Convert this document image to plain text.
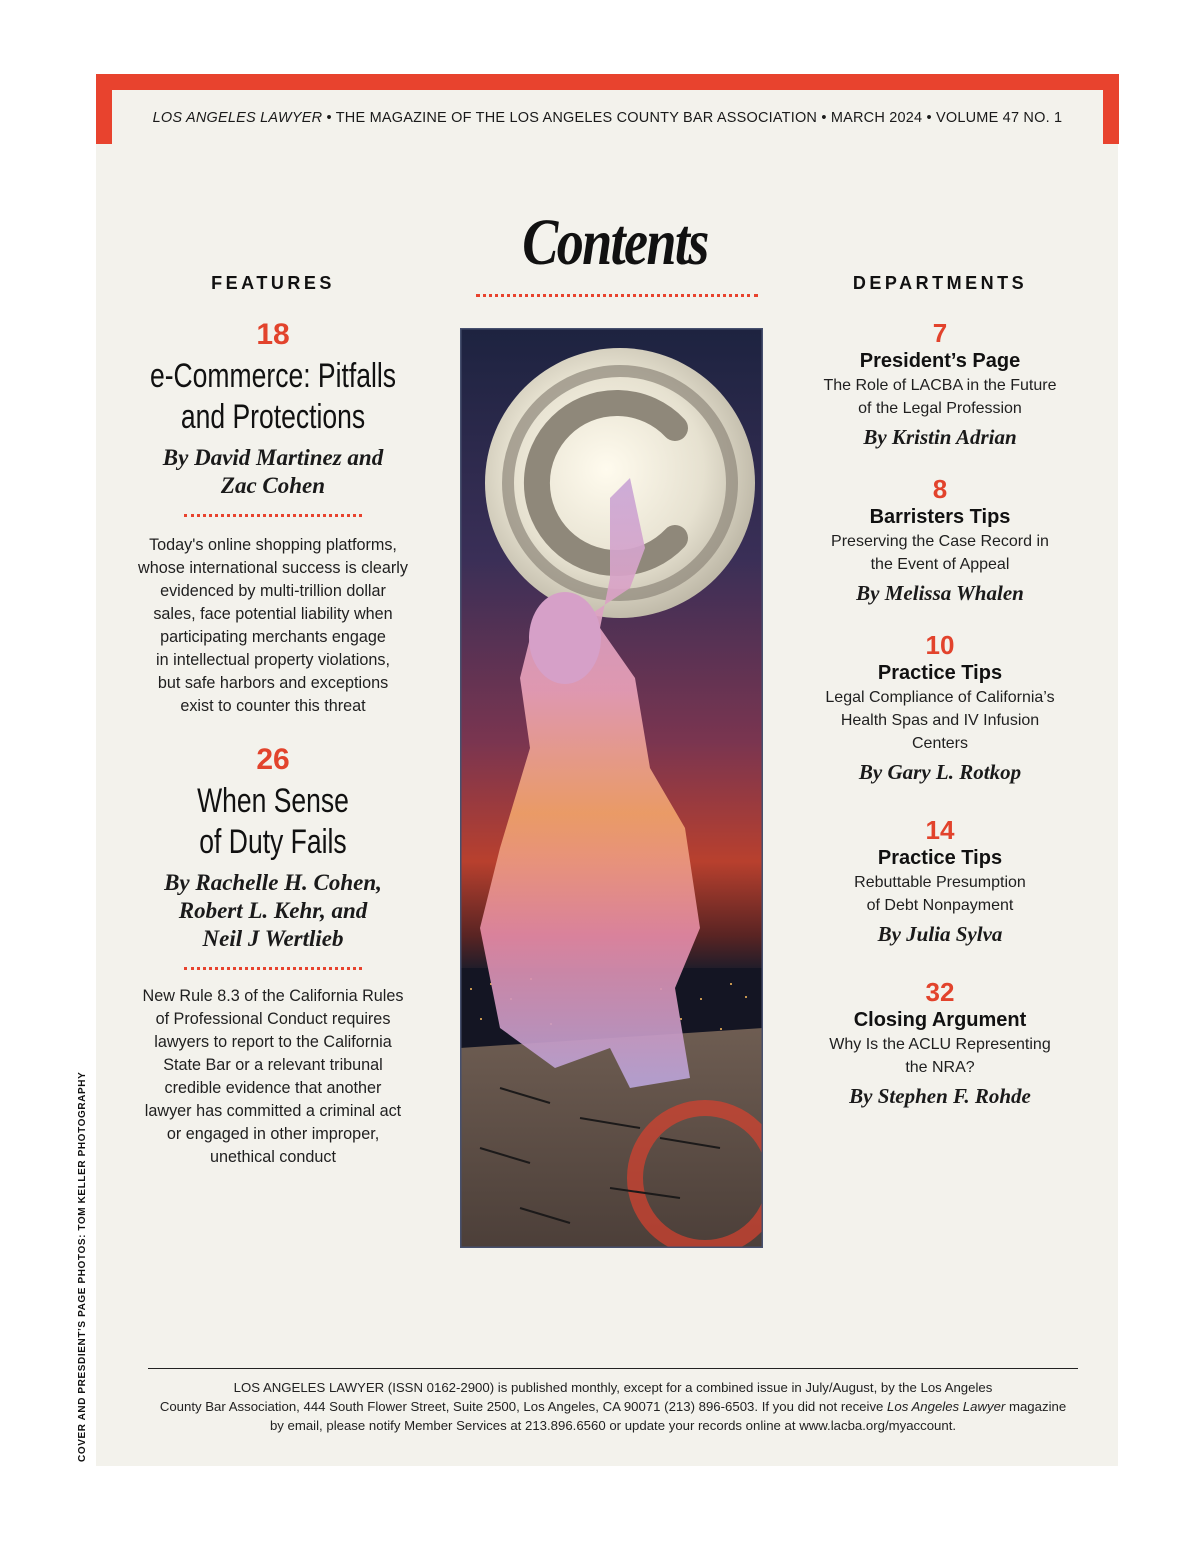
LOS ANGELES LAWYER • THE MAGAZINE OF THE LOS ANGELES COUNTY BAR ASSOCIATION • MARCH 2024 • VOLUME 47 NO. 1
Contents
FEATURES	DEPARTMENTS
18
e-Commerce: Pitfalls
and Protections
By David Martinez and
Zac Cohen
Today's online shopping platforms,
whose international success is clearly
evidenced by multi-trillion dollar
sales, face potential liability when
participating merchants engage
in intellectual property violations,
but safe harbors and exceptions
exist to counter this threat
26
When Sense
of Duty Fails
By Rachelle H. Cohen,
Robert L. Kehr, and
Neil J Wertlieb
New Rule 8.3 of the California Rules
of Professional Conduct requires
lawyers to report to the California
State Bar or a relevant tribunal
credible evidence that another
lawyer has committed a criminal act
or engaged in other improper,
unethical conduct
7
President’s Page
The Role of LACBA in the Future
of the Legal Profession
By Kristin Adrian
8
Barristers Tips
Preserving the Case Record in
the Event of Appeal
By Melissa Whalen
10
Practice Tips
Legal Compliance of California’s
Health Spas and IV Infusion
Centers
By Gary L. Rotkop
14
Practice Tips
Rebuttable Presumption
of Debt Nonpayment
By Julia Sylva
32
Closing Argument
Why Is the ACLU Representing
the NRA?
By Stephen F. Rohde
LOS ANGELES LAWYER (ISSN 0162-2900) is published monthly, except for a combined issue in July/August, by the Los Angeles
County Bar Association, 444 South Flower Street, Suite 2500, Los Angeles, CA 90071 (213) 896-6503. If you did not receive Los Angeles Lawyer magazine
by email, please notify Member Services at 213.896.6560 or update your records online at www.lacba.org/myaccount.
COVER AND PRESDIENT’S PAGE PHOTOS: TOM KELLER PHOTOGRAPHY
